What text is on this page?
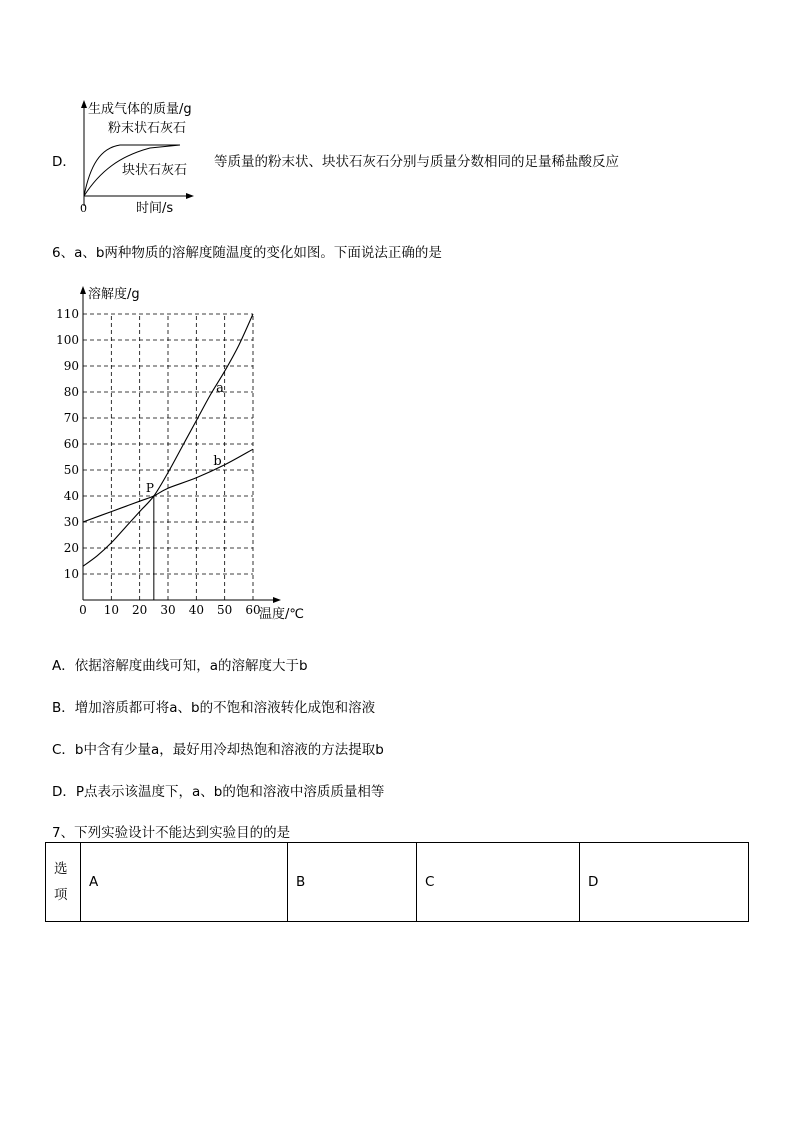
D．
0
生成气体的质量/g
粉末状石灰石
块状石灰石
时间/s
等质量的粉末状、块状石灰石分别与质量分数相同的足量稀盐酸反应
6、a、b两种物质的溶解度随温度的变化如图。下面说法正确的是
0 10 20 30 40 50 60
10
20
30
40
50
60
70
80
90
100
110
溶解度/g
温度/℃
a
b
P
A．依据溶解度曲线可知，a的溶解度大于b
B．增加溶质都可将a、b的不饱和溶液转化成饱和溶液
C．b中含有少量a，最好用冷却热饱和溶液的方法提取b
D．P点表示该温度下，a、b的饱和溶液中溶质质量相等
7、下列实验设计不能达到实验目的的是
选项	A	B	C	D
